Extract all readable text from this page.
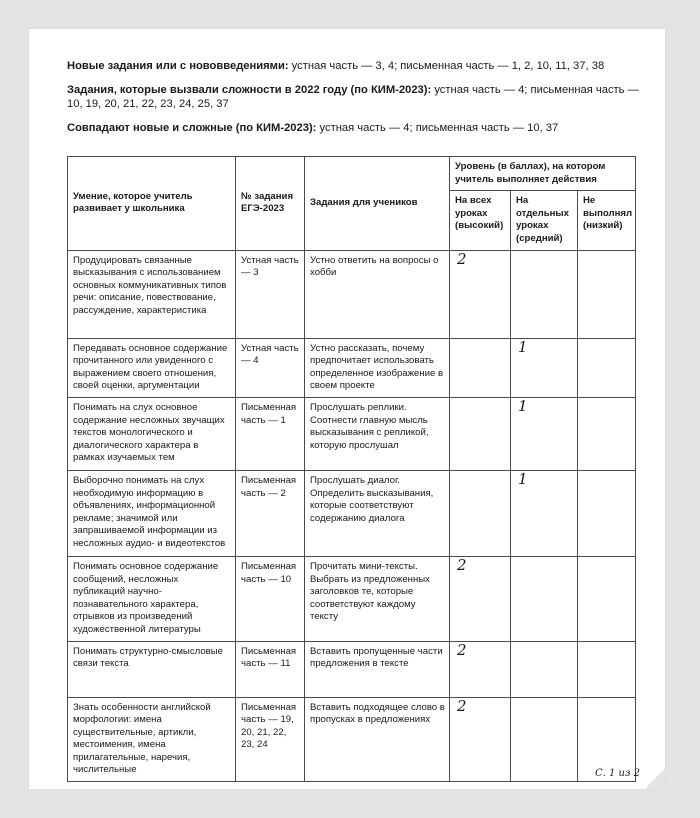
Новые задания или с нововведениями: устная часть — 3, 4; письменная часть — 1, 2, 10, 11, 37, 38

Задания, которые вызвали сложности в 2022 году (по КИМ-2023): устная часть — 4; письменная часть — 10, 19, 20, 21, 22, 23, 24, 25, 37

Совпадают новые и сложные (по КИМ-2023): устная часть — 4; письменная часть — 10, 37

Умение, которое учитель развивает у школьника	№ задания ЕГЭ-2023	Задания для учеников	Уровень (в баллах), на котором учитель выполняет действия		
			На всех уроках (высокий)	На отдельных уроках (средний)	Не выполнял (низкий)
Продуцировать связанные высказывания с использованием основных коммуникативных типов речи: описание, повествование, рассуждение, характеристика	Устная часть — 3	Устно ответить на вопросы о хобби	2		
Передавать основное содержание прочитанного или увиденного с выражением своего отношения, своей оценки, аргументации	Устная часть — 4	Устно рассказать, почему предпочитает использовать определенное изображение в своем проекте		1	
Понимать на слух основное содержание несложных звучащих текстов монологического и диалогического характера в рамках изучаемых тем	Письменная часть — 1	Прослушать реплики. Соотнести главную мысль высказывания с репликой, которую прослушал		1	
Выборочно понимать на слух необходимую информацию в объявлениях, информационной рекламе; значимой или запрашиваемой информации из несложных аудио- и видеотекстов	Письменная часть — 2	Прослушать диалог. Определить высказывания, которые соответствуют содержанию диалога		1	
Понимать основное содержание сообщений, несложных публикаций научно-познавательного характера, отрывков из произведений художественной литературы	Письменная часть — 10	Прочитать мини-тексты. Выбрать из предложенных заголовков те, которые соответствуют каждому тексту	2		
Понимать структурно-смысловые связи текста	Письменная часть — 11	Вставить пропущенные части предложения в тексте	2		
Знать особенности английской морфологии: имена существительные, артикли, местоимения, имена прилагательные, наречия, числительные	Письменная часть — 19, 20, 21, 22, 23, 24	Вставить подходящее слово в пропусках в предложениях	2		
С. 1 из 2
